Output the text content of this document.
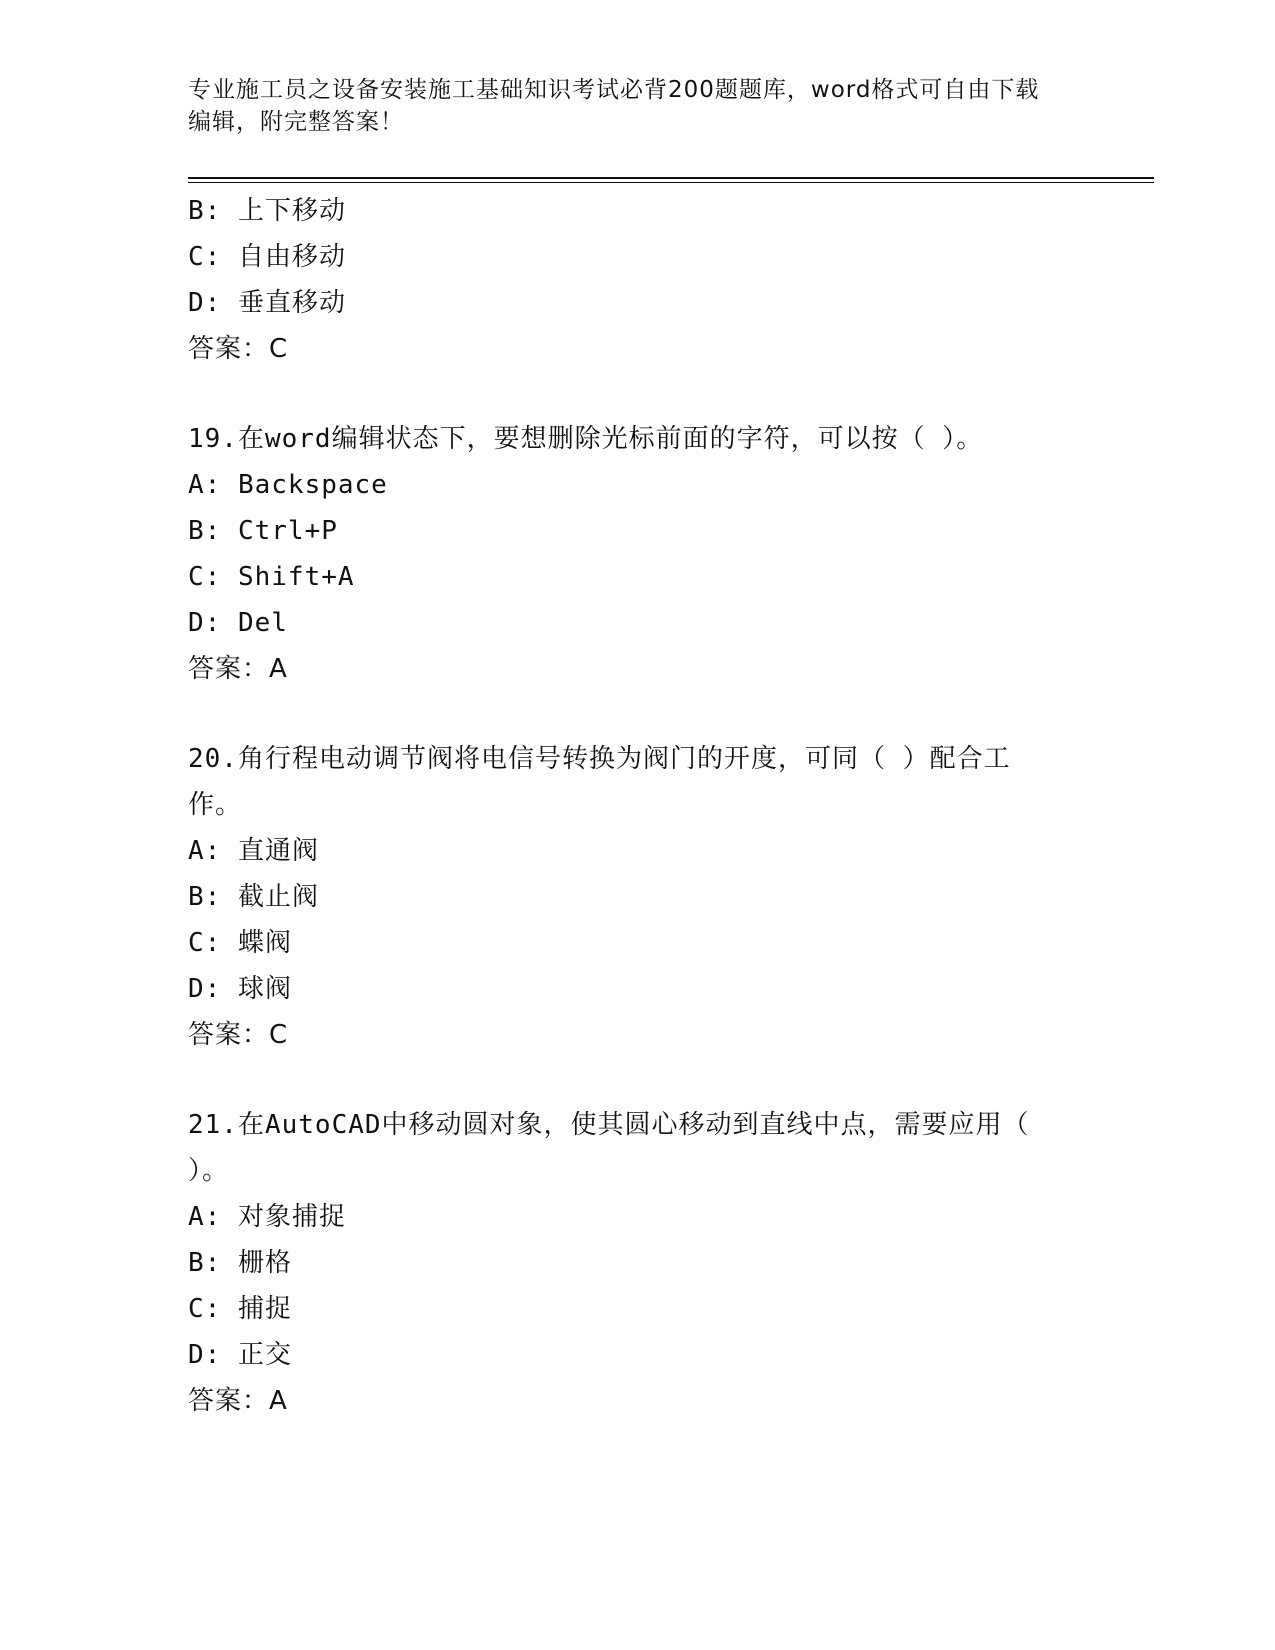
专业施工员之设备安装施工基础知识考试必背200题题库，word格式可自由下载
编辑，附完整答案！
B: 上下移动
C: 自由移动
D: 垂直移动
答案：C
19.在word编辑状态下，要想删除光标前面的字符，可以按（ ）。
A: Backspace
B: Ctrl+P
C: Shift+A
D: Del
答案：A
20.角行程电动调节阀将电信号转换为阀门的开度，可同（ ）配合工
作。
A: 直通阀
B: 截止阀
C: 蝶阀
D: 球阀
答案：C
21.在AutoCAD中移动圆对象，使其圆心移动到直线中点，需要应用（
）。
A: 对象捕捉
B: 栅格
C: 捕捉
D: 正交
答案：A
